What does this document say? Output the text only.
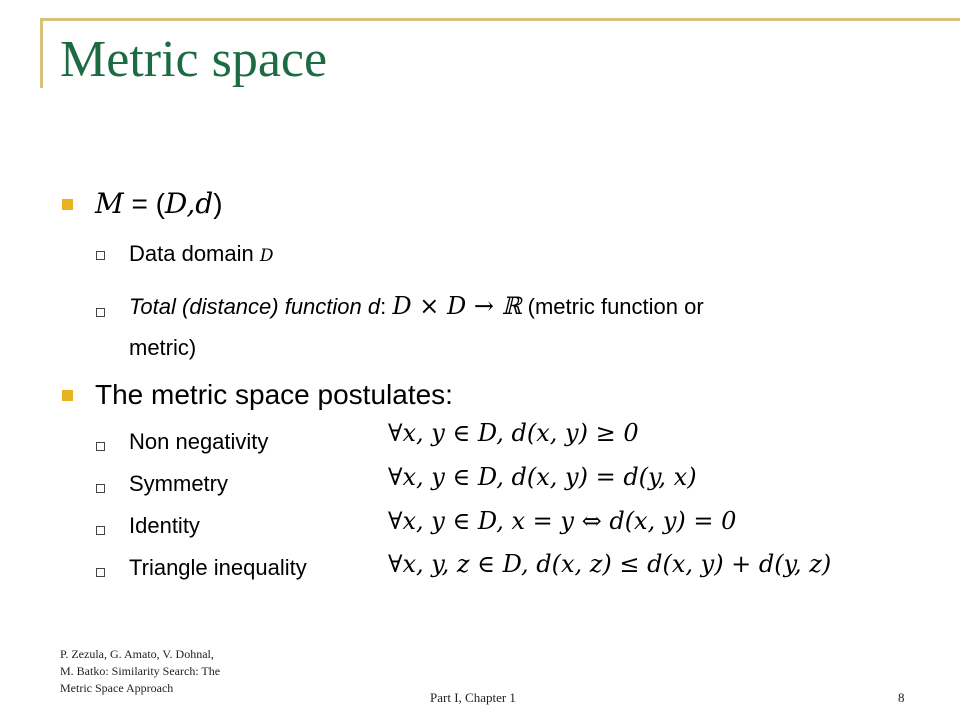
Metric space
M = (D,d)
Data domain D
Total (distance) function d: D × D → ℝ (metric function or
metric)
The metric space postulates:
Non negativity	∀x, y ∈ D, d(x, y) ≥ 0
Symmetry	∀x, y ∈ D, d(x, y) = d(y, x)
Identity	∀x, y ∈ D, x = y ⇔ d(x, y) = 0
Triangle inequality	∀x, y, z ∈ D, d(x, z) ≤ d(x, y) + d(y, z)
P. Zezula, G. Amato, V. Dohnal,
M. Batko: Similarity Search: The
Metric Space Approach
Part I, Chapter 1	8
